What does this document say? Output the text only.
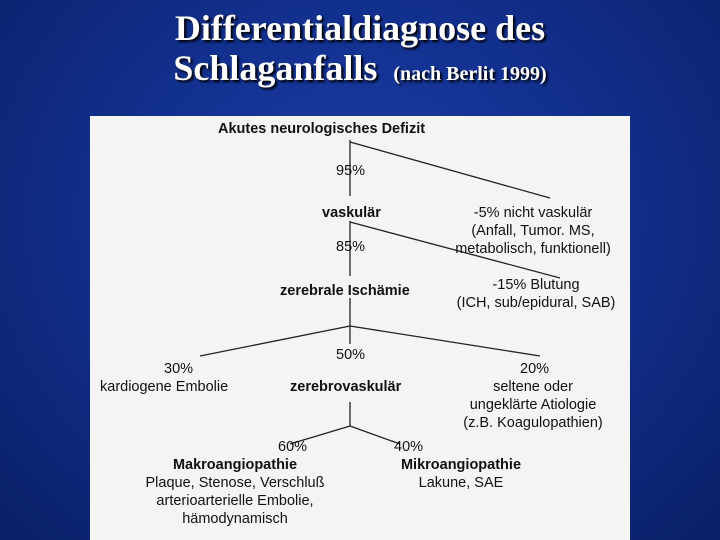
Differentialdiagnose des
Schlaganfalls (nach Berlit 1999)
Akutes neurologisches Defizit
95%
vaskulär	-5% nicht vaskulär
(Anfall, Tumor. MS,
metabolisch, funktionell)
85%
zerebrale Ischämie	-15% Blutung
(ICH, sub/epidural, SAB)
30%
kardiogene Embolie
50%
zerebrovaskulär
20%
seltene oder
ungeklärte Atiologie
(z.B. Koagulopathien)
60%
Makroangiopathie
Plaque, Stenose, Verschluß
arterioarterielle Embolie,
hämodynamisch
40%
Mikroangiopathie
Lakune, SAE
